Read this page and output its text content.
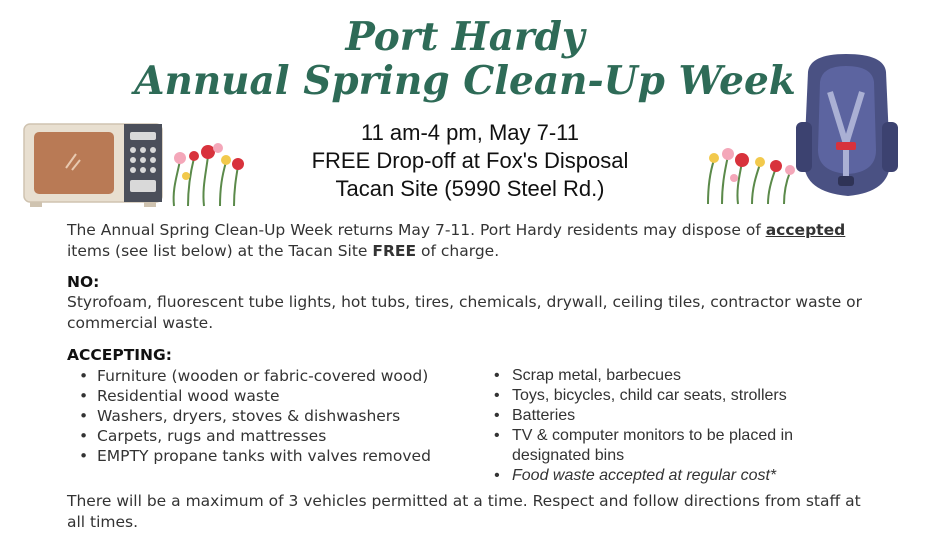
Port Hardy
Annual Spring Clean-Up Week
11 am-4 pm, May 7-11
FREE Drop-off at Fox's Disposal
Tacan Site (5990 Steel Rd.)
The Annual Spring Clean-Up Week returns May 7-11. Port Hardy residents may dispose of accepted items (see list below) at the Tacan Site FREE of charge.
NO:
Styrofoam, fluorescent tube lights, hot tubs, tires, chemicals, drywall, ceiling tiles, contractor waste or commercial waste.
ACCEPTING:
• Furniture (wooden or fabric-covered wood)
• Residential wood waste
• Washers, dryers, stoves & dishwashers
• Carpets, rugs and mattresses
• EMPTY propane tanks with valves removed
• Scrap metal, barbecues
• Toys, bicycles, child car seats, strollers
• Batteries
• TV & computer monitors to be placed in designated bins
• Food waste accepted at regular cost*
There will be a maximum of 3 vehicles permitted at a time. Respect and follow directions from staff at all times.
